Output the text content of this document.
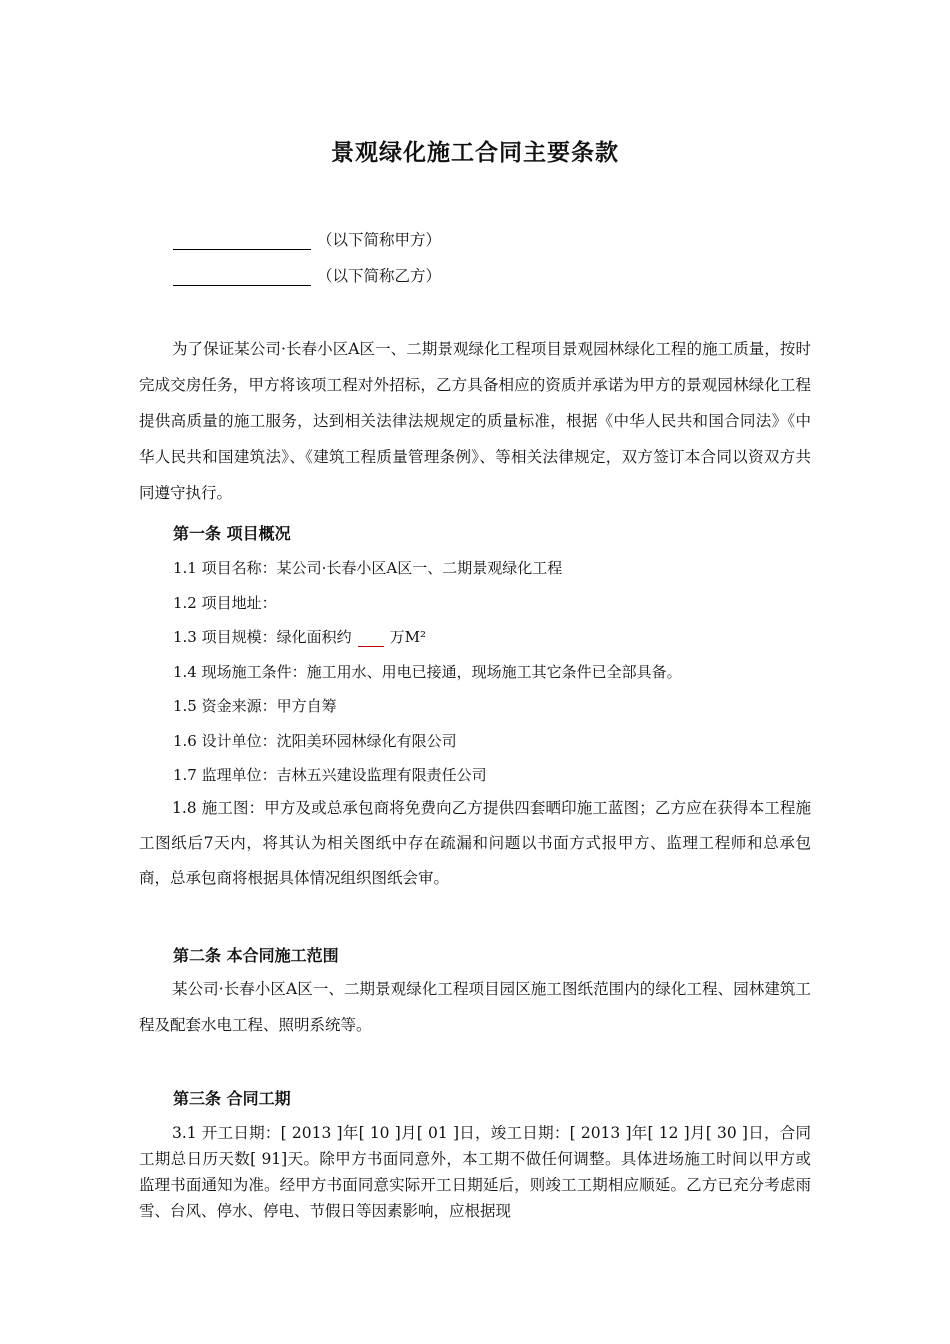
景观绿化施工合同主要条款
（以下简称甲方）
（以下简称乙方）
为了保证某公司·长春小区A区一、二期景观绿化工程项目景观园林绿化工程的施工质量，按时完成交房任务，甲方将该项工程对外招标，乙方具备相应的资质并承诺为甲方的景观园林绿化工程提供高质量的施工服务，达到相关法律法规规定的质量标准，根据《中华人民共和国合同法》《中华人民共和国建筑法》、《建筑工程质量管理条例》、等相关法律规定，双方签订本合同以资双方共同遵守执行。
第一条 项目概况
1.1 项目名称：某公司·长春小区A区一、二期景观绿化工程
1.2 项目地址：
1.3 项目规模：绿化面积约	万M²
1.4 现场施工条件：施工用水、用电已接通，现场施工其它条件已全部具备。
1.5 资金来源：甲方自筹
1.6 设计单位：沈阳美环园林绿化有限公司
1.7 监理单位：吉林五兴建设监理有限责任公司
1.8 施工图：甲方及或总承包商将免费向乙方提供四套晒印施工蓝图；乙方应在获得本工程施工图纸后7天内，将其认为相关图纸中存在疏漏和问题以书面方式报甲方、监理工程师和总承包商，总承包商将根据具体情况组织图纸会审。
第二条 本合同施工范围
某公司·长春小区A区一、二期景观绿化工程项目园区施工图纸范围内的绿化工程、园林建筑工程及配套水电工程、照明系统等。
第三条 合同工期
3.1 开工日期：[ 2013 ]年[ 10 ]月[ 01 ]日，竣工日期：[ 2013 ]年[ 12 ]月[ 30 ]日，合同工期总日历天数[ 91]天。除甲方书面同意外，本工期不做任何调整。具体进场施工时间以甲方或监理书面通知为准。经甲方书面同意实际开工日期延后，则竣工工期相应顺延。乙方已充分考虑雨雪、台风、停水、停电、节假日等因素影响，应根据现
